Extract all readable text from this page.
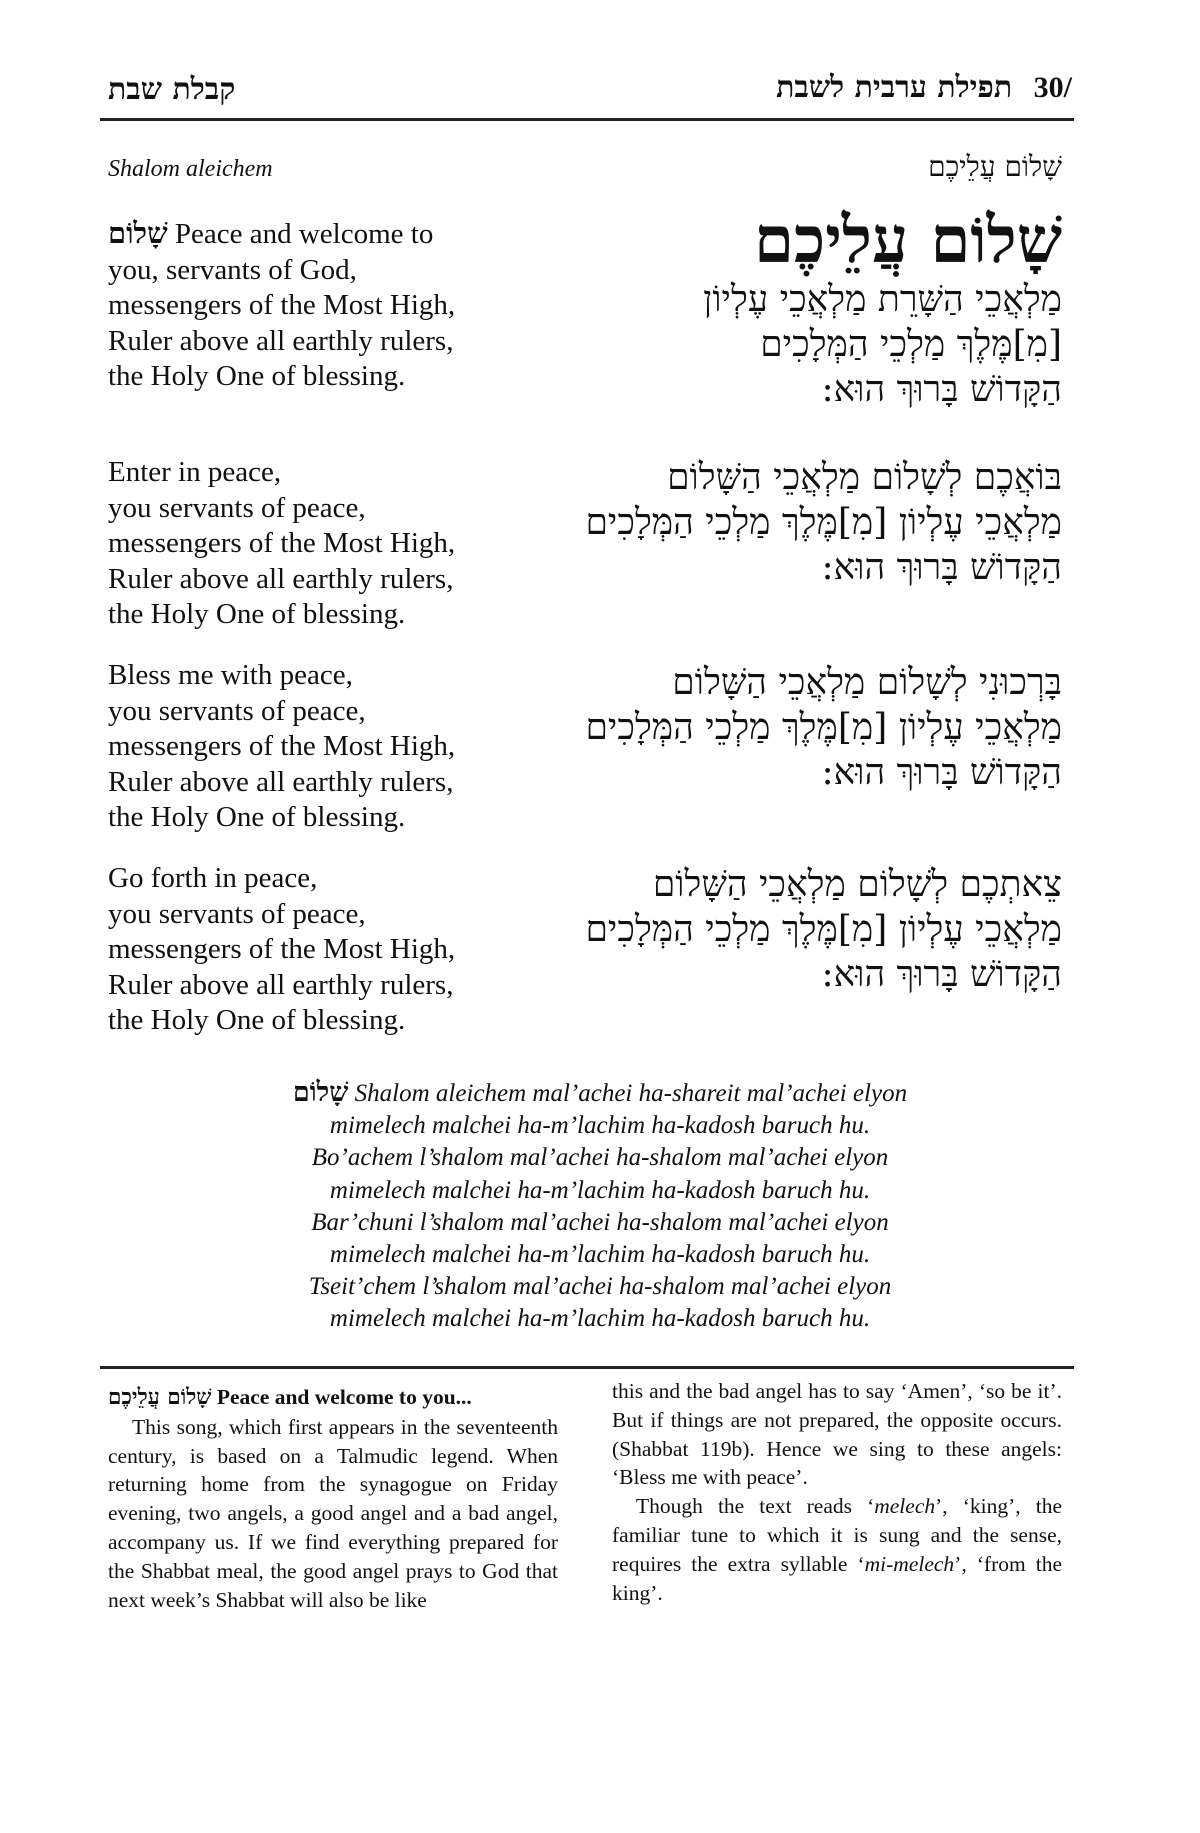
קבלת שבת	תפילת ערבית לשבת 30/
Shalom aleichem	שָׁלוֹם עֲלֵיכֶם
שָׁלוֹם Peace and welcome to
you, servants of God,
messengers of the Most High,
Ruler above all earthly rulers,
the Holy One of blessing.
שָׁלוֹם עֲלֵיכֶם
מַלְאֲכֵי הַשָּׁרֵת מַלְאֲכֵי עֶלְיוֹן
[מִ]מֶּלֶךְ מַלְכֵי הַמְּלָכִים
הַקָּדוֹשׁ בָּרוּךְ הוּא:
Enter in peace,
you servants of peace,
messengers of the Most High,
Ruler above all earthly rulers,
the Holy One of blessing.
בּוֹאֲכֶם לְשָׁלוֹם מַלְאֲכֵי הַשָּׁלוֹם
מַלְאֲכֵי עֶלְיוֹן [מִ]מֶּלֶךְ מַלְכֵי הַמְּלָכִים
הַקָּדוֹשׁ בָּרוּךְ הוּא:
Bless me with peace,
you servants of peace,
messengers of the Most High,
Ruler above all earthly rulers,
the Holy One of blessing.
בָּרְכוּנִי לְשָׁלוֹם מַלְאֲכֵי הַשָּׁלוֹם
מַלְאֲכֵי עֶלְיוֹן [מִ]מֶּלֶךְ מַלְכֵי הַמְּלָכִים
הַקָּדוֹשׁ בָּרוּךְ הוּא:
Go forth in peace,
you servants of peace,
messengers of the Most High,
Ruler above all earthly rulers,
the Holy One of blessing.
צֵאתְכֶם לְשָׁלוֹם מַלְאֲכֵי הַשָּׁלוֹם
מַלְאֲכֵי עֶלְיוֹן [מִ]מֶּלֶךְ מַלְכֵי הַמְּלָכִים
הַקָּדוֹשׁ בָּרוּךְ הוּא:
שָׁלוֹם Shalom aleichem mal’achei ha-shareit mal’achei elyon
mimelech malchei ha-m’lachim ha-kadosh baruch hu.
Bo’achem l’shalom mal’achei ha-shalom mal’achei elyon
mimelech malchei ha-m’lachim ha-kadosh baruch hu.
Bar’chuni l’shalom mal’achei ha-shalom mal’achei elyon
mimelech malchei ha-m’lachim ha-kadosh baruch hu.
Tseit’chem l’shalom mal’achei ha-shalom mal’achei elyon
mimelech malchei ha-m’lachim ha-kadosh baruch hu.

שָׁלוֹם עֲלֵיכֶם Peace and welcome to you...

This song, which first appears in the seventeenth century, is based on a Talmudic legend. When returning home from the synagogue on Friday evening, two angels, a good angel and a bad angel, accompany us. If we find everything prepared for the Shabbat meal, the good angel prays to God that next week’s Shabbat will also be like

this and the bad angel has to say ‘Amen’, ‘so be it’. But if things are not prepared, the opposite occurs. (Shabbat 119b). Hence we sing to these angels: ‘Bless me with peace’.

Though the text reads ‘melech’, ‘king’, the familiar tune to which it is sung and the sense, requires the extra syllable ‘mi-melech’, ‘from the king’.
